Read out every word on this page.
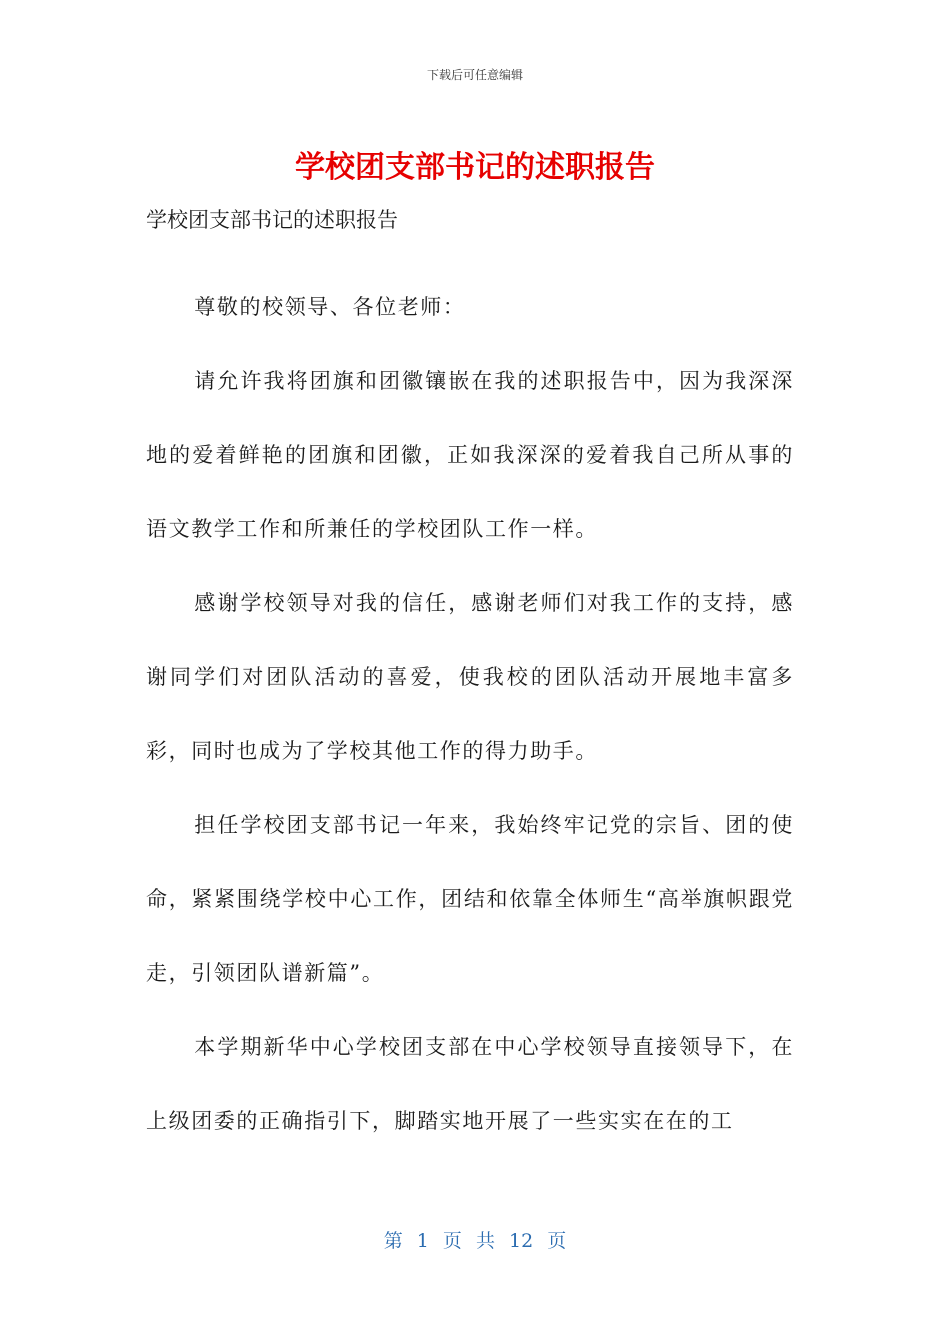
下载后可任意编辑
学校团支部书记的述职报告

学校团支部书记的述职报告

尊敬的校领导、各位老师：

请允许我将团旗和团徽镶嵌在我的述职报告中，因为我深深地的爱着鲜艳的团旗和团徽，正如我深深的爱着我自己所从事的语文教学工作和所兼任的学校团队工作一样。

感谢学校领导对我的信任，感谢老师们对我工作的支持，感谢同学们对团队活动的喜爱，使我校的团队活动开展地丰富多彩，同时也成为了学校其他工作的得力助手。

担任学校团支部书记一年来，我始终牢记党的宗旨、团的使命，紧紧围绕学校中心工作，团结和依靠全体师生“高举旗帜跟党走，引领团队谱新篇”。

本学期新华中心学校团支部在中心学校领导直接领导下，在上级团委的正确指引下，脚踏实地开展了一些实实在在的工

第 1 页 共 12 页
